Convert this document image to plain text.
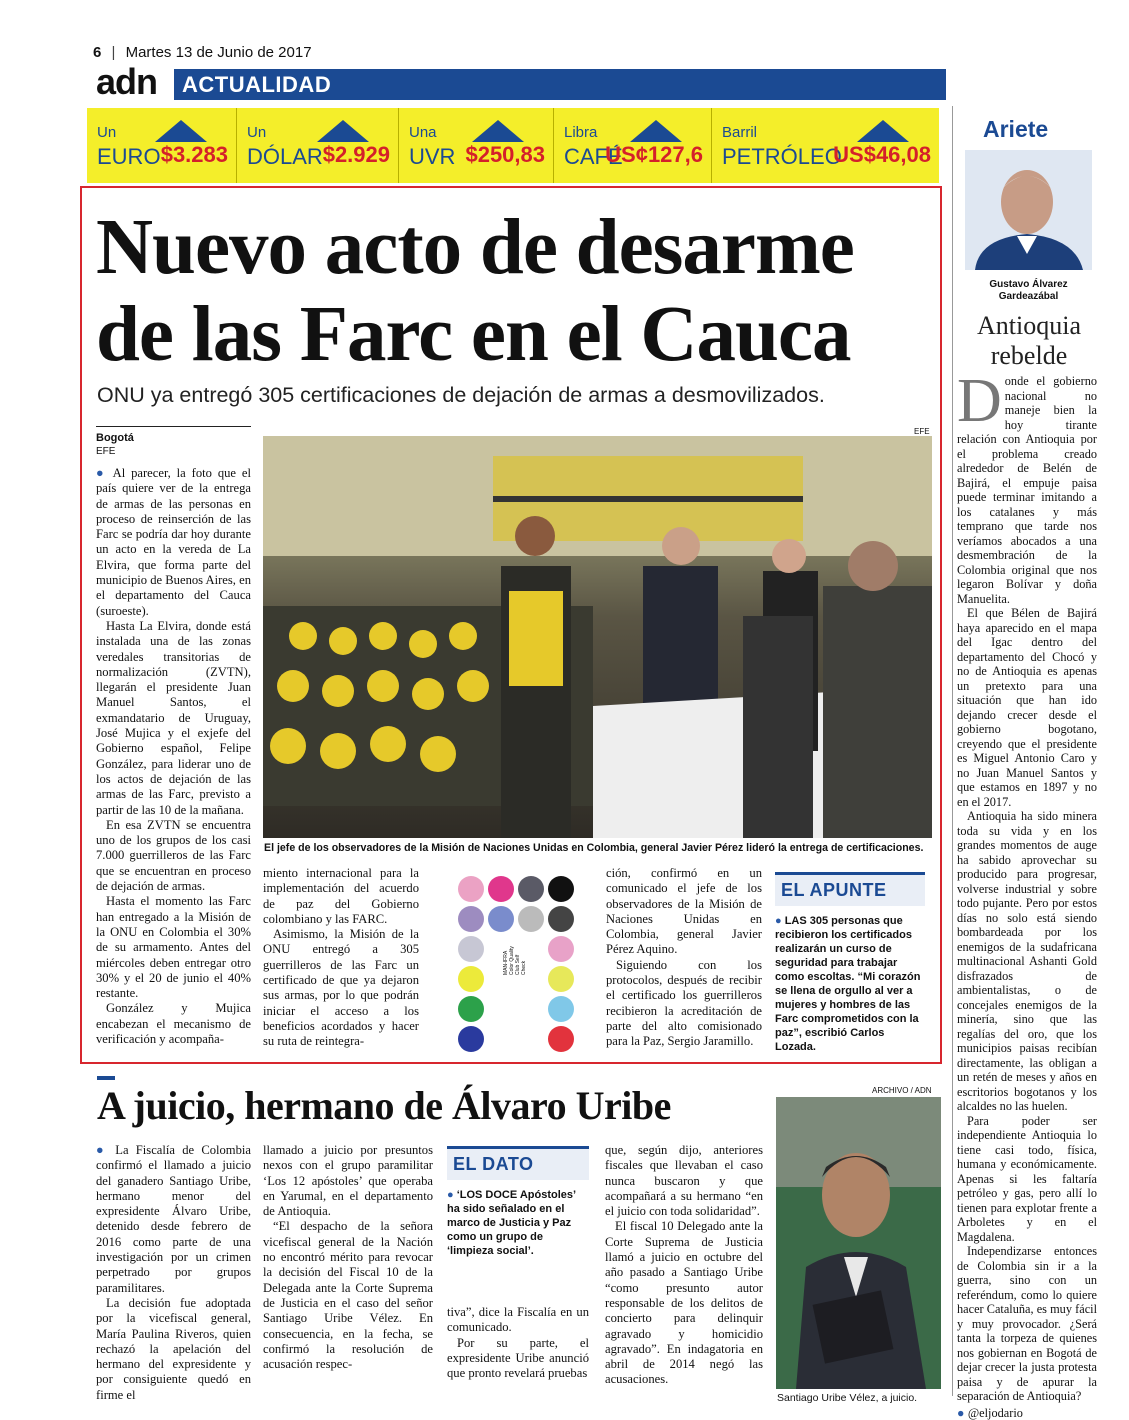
6 | Martes 13 de Junio de 2017
adn ACTUALIDAD
Un
EURO $3.283
Un
DÓLAR $2.929
Una
UVR $250,83
Libra
CAFÉ
US¢127,6
Barril
PETRÓLEO
US$46,08
Nuevo acto de desarme
de las Farc en el Cauca
ONU ya entregó 305 certificaciones de dejación de armas a desmovilizados.
Bogotá
EFE
EFE
El jefe de los observadores de la Misión de Naciones Unidas en Colombia, general Javier Pérez lideró la entrega de certificaciones.

● Al parecer, la foto que el país quiere ver de la entrega de armas de las personas en proceso de reinserción de las Farc se podría dar hoy durante un acto en la vereda de La Elvira, que forma parte del municipio de Buenos Aires, en el departamento del Cauca (suroeste).

Hasta La Elvira, donde está instalada una de las zonas veredales transitorias de normalización (ZVTN), llegarán el presidente Juan Manuel Santos, el exmandatario de Uruguay, José Mujica y el exjefe del Gobierno español, Felipe González, para liderar uno de los actos de dejación de las armas de las Farc, previsto a partir de las 10 de la mañana.

En esa ZVTN se encuentra uno de los grupos de los casi 7.000 guerrilleros de las Farc que se encuentran en proceso de dejación de armas.

Hasta el momento las Farc han entregado a la Misión de la ONU en Colombia el 30% de su armamento. Antes del miércoles deben entregar otro 30% y el 20 de junio el 40% restante.

González y Mujica encabezan el mecanismo de verificación y acompaña-

miento internacional para la implementación del acuerdo de paz del Gobierno colombiano y las FARC.

Asimismo, la Misión de la ONU entregó a 305 guerrilleros de las Farc un certificado de que ya dejaron sus armas, por lo que podrán iniciar el acceso a los beneficios acordados y hacer su ruta de reintegra-

MAN-IFRA Color Quality Club Self Check

ción, confirmó en un comunicado el jefe de los observadores de la Misión de Naciones Unidas en Colombia, general Javier Pérez Aquino.

Siguiendo con los protocolos, después de recibir el certificado los guerrilleros recibieron la acreditación de parte del alto comisionado para la Paz, Sergio Jaramillo.

EL APUNTE
● LAS 305 personas que recibieron los certificados realizarán un curso de seguridad para trabajar como escoltas. “Mi corazón se llena de orgullo al ver a mujeres y hombres de las Farc comprometidos con la paz”, escribió Carlos Lozada.
A juicio, hermano de Álvaro Uribe

● La Fiscalía de Colombia confirmó el llamado a juicio del ganadero Santiago Uribe, hermano menor del expresidente Álvaro Uribe, detenido desde febrero de 2016 como parte de una investigación por un crimen perpetrado por grupos paramilitares.

La decisión fue adoptada por la vicefiscal general, María Paulina Riveros, quien rechazó la apelación del hermano del expresidente y por consiguiente quedó en firme el

llamado a juicio por presuntos nexos con el grupo paramilitar ‘Los 12 apóstoles’ que operaba en Yarumal, en el departamento de Antioquia.

“El despacho de la señora vicefiscal general de la Nación no encontró mérito para revocar la decisión del Fiscal 10 de la Delegada ante la Corte Suprema de Justicia en el caso del señor Santiago Uribe Vélez. En consecuencia, en la fecha, se confirmó la resolución de acusación respec-

EL DATO
● ‘LOS DOCE Apóstoles’ ha sido señalado en el marco de Justicia y Paz como un grupo de ‘limpieza social’.

tiva”, dice la Fiscalía en un comunicado.

Por su parte, el expresidente Uribe anunció que pronto revelará pruebas

que, según dijo, anteriores fiscales que llevaban el caso nunca buscaron y que acompañará a su hermano “en el juicio con toda solidaridad”.

El fiscal 10 Delegado ante la Corte Suprema de Justicia llamó a juicio en octubre del año pasado a Santiago Uribe “como presunto autor responsable de los delitos de concierto para delinquir agravado y homicidio agravado”. En indagatoria en abril de 2014 negó las acusaciones.

ARCHIVO / ADN
Santiago Uribe Vélez, a juicio.
Ariete
Gustavo Álvarez
Gardeazábal
Antioquia
rebelde

Donde el gobierno nacional no maneje bien la hoy tirante relación con Antioquia por el problema creado alrededor de Belén de Bajirá, el empuje paisa puede terminar imitando a los catalanes y más temprano que tarde nos veríamos abocados a una desmembración de la Colombia original que nos legaron Bolívar y doña Manuelita.

El que Bélen de Bajirá haya aparecido en el mapa del Igac dentro del departamento del Chocó y no de Antioquia es apenas un pretexto para una situación que han ido dejando crecer desde el gobierno bogotano, creyendo que el presidente es Miguel Antonio Caro y no Juan Manuel Santos y que estamos en 1897 y no en el 2017.

Antioquia ha sido minera toda su vida y en los grandes momentos de auge ha sabido aprovechar su producido para progresar, volverse industrial y sobre todo pujante. Pero por estos días no solo está siendo bombardeada por los enemigos de la sudafricana multinacional Ashanti Gold disfrazados de ambientalistas, o de concejales enemigos de la minería, sino que las regalías del oro, que los municipios paisas recibían directamente, las obligan a un retén de meses y años en escritorios bogotanos y los alcaldes no las huelen.

Para poder ser independiente Antioquia lo tiene casi todo, física, humana y económicamente. Apenas si les faltaría petróleo y gas, pero allí lo tienen para explotar frente a Arboletes y en el Magdalena.

Independizarse entonces de Colombia sin ir a la guerra, sino con un referéndum, como lo quiere hacer Cataluña, es muy fácil y muy provocador. ¿Será tanta la torpeza de quienes nos gobiernan en Bogotá de dejar crecer la justa protesta paisa y de apurar la separación de Antioquia?

● @eljodario
